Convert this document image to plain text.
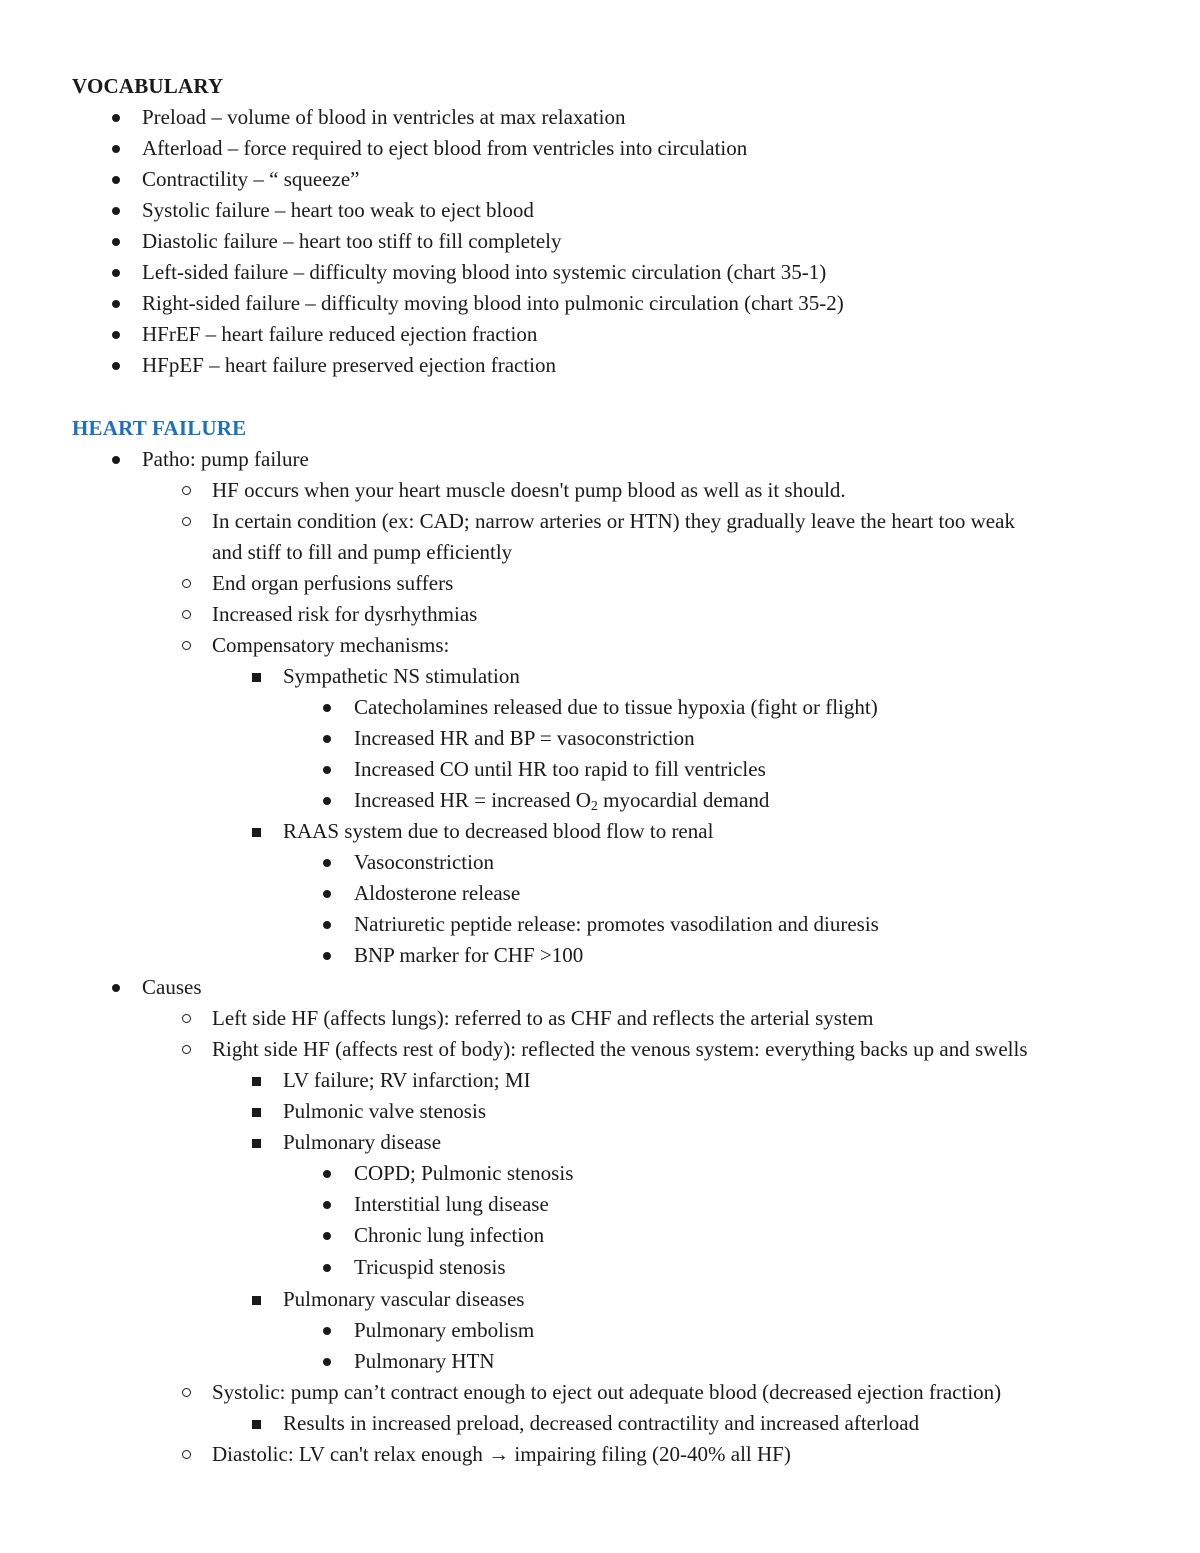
VOCABULARY
Preload – volume of blood in ventricles at max relaxation
Afterload – force required to eject blood from ventricles into circulation
Contractility – “ squeeze”
Systolic failure – heart too weak to eject blood
Diastolic failure – heart too stiff to fill completely
Left-sided failure – difficulty moving blood into systemic circulation (chart 35-1)
Right-sided failure – difficulty moving blood into pulmonic circulation (chart 35-2)
HFrEF – heart failure reduced ejection fraction
HFpEF – heart failure preserved ejection fraction
HEART FAILURE
Patho: pump failure
HF occurs when your heart muscle doesn't pump blood as well as it should.
In certain condition (ex: CAD; narrow arteries or HTN) they gradually leave the heart too weak
and stiff to fill and pump efficiently
End organ perfusions suffers
Increased risk for dysrhythmias
Compensatory mechanisms:
Sympathetic NS stimulation
Catecholamines released due to tissue hypoxia (fight or flight)
Increased HR and BP = vasoconstriction
Increased CO until HR too rapid to fill ventricles
Increased HR = increased $O_2$ myocardial demand
RAAS system due to decreased blood flow to renal
Vasoconstriction
Aldosterone release
Natriuretic peptide release: promotes vasodilation and diuresis
BNP marker for CHF >100
Causes
Left side HF (affects lungs): referred to as CHF and reflects the arterial system
Right side HF (affects rest of body): reflected the venous system: everything backs up and swells
LV failure; RV infarction; MI
Pulmonic valve stenosis
Pulmonary disease
COPD; Pulmonic stenosis
Interstitial lung disease
Chronic lung infection
Tricuspid stenosis
Pulmonary vascular diseases
Pulmonary embolism
Pulmonary HTN
Systolic: pump can’t contract enough to eject out adequate blood (decreased ejection fraction)
Results in increased preload, decreased contractility and increased afterload
Diastolic: LV can't relax enough → impairing filing (20-40% all HF)
